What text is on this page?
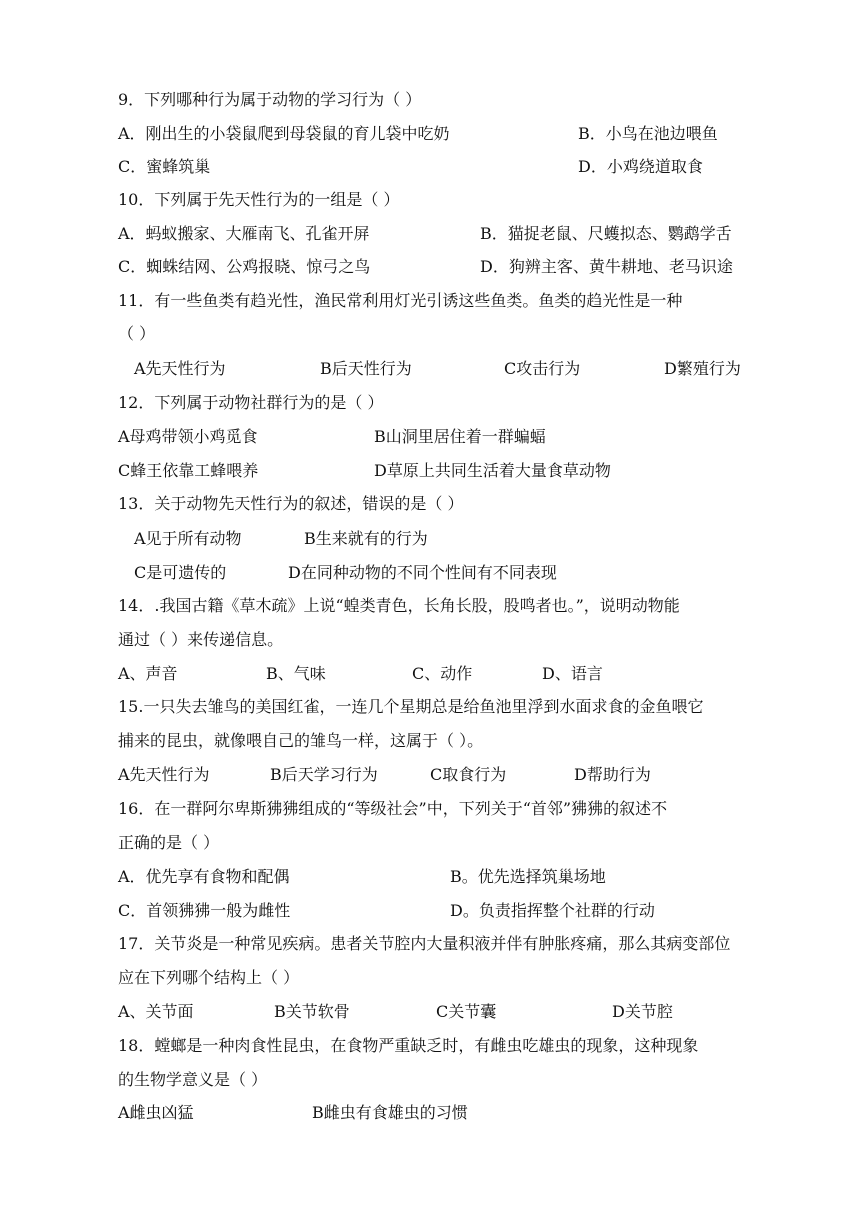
9．下列哪种行为属于动物的学习行为（ ）
A．刚出生的小袋鼠爬到母袋鼠的育儿袋中吃奶	B．小鸟在池边喂鱼
C．蜜蜂筑巢	D．小鸡绕道取食
10．下列属于先天性行为的一组是（ ）
A．蚂蚁搬家、大雁南飞、孔雀开屏	B．猫捉老鼠、尺蠖拟态、鹦鹉学舌
C．蜘蛛结网、公鸡报晓、惊弓之鸟	D．狗辨主客、黄牛耕地、老马识途
11．有一些鱼类有趋光性，渔民常利用灯光引诱这些鱼类。鱼类的趋光性是一种
（ ）
A先天性行为	B后天性行为	C攻击行为	D繁殖行为
12．下列属于动物社群行为的是（ ）
A母鸡带领小鸡觅食	B山洞里居住着一群蝙蝠
C蜂王依靠工蜂喂养	D草原上共同生活着大量食草动物
13．关于动物先天性行为的叙述，错误的是（ ）
A见于所有动物	B生来就有的行为
C是可遗传的	D在同种动物的不同个性间有不同表现
14．.我国古籍《草木疏》上说“蝗类青色，长角长股，股鸣者也。”，说明动物能
通过（ ）来传递信息。
A、声音	B、气味	C、动作	D、语言
15.一只失去雏鸟的美国红雀，一连几个星期总是给鱼池里浮到水面求食的金鱼喂它
捕来的昆虫，就像喂自己的雏鸟一样，这属于（ ）。
A先天性行为	B后天学习行为	C取食行为	D帮助行为
16．在一群阿尔卑斯狒狒组成的“等级社会”中，下列关于“首邻”狒狒的叙述不
正确的是（ ）
A．优先享有食物和配偶	B。优先选择筑巢场地
C．首领狒狒一般为雌性	D。负责指挥整个社群的行动
17．关节炎是一种常见疾病。患者关节腔内大量积液并伴有肿胀疼痛，那么其病变部位
应在下列哪个结构上（ ）
A、关节面	B关节软骨	C关节囊	D关节腔
18．螳螂是一种肉食性昆虫，在食物严重缺乏时，有雌虫吃雄虫的现象，这种现象
的生物学意义是（ ）
A雌虫凶猛	B雌虫有食雄虫的习惯
